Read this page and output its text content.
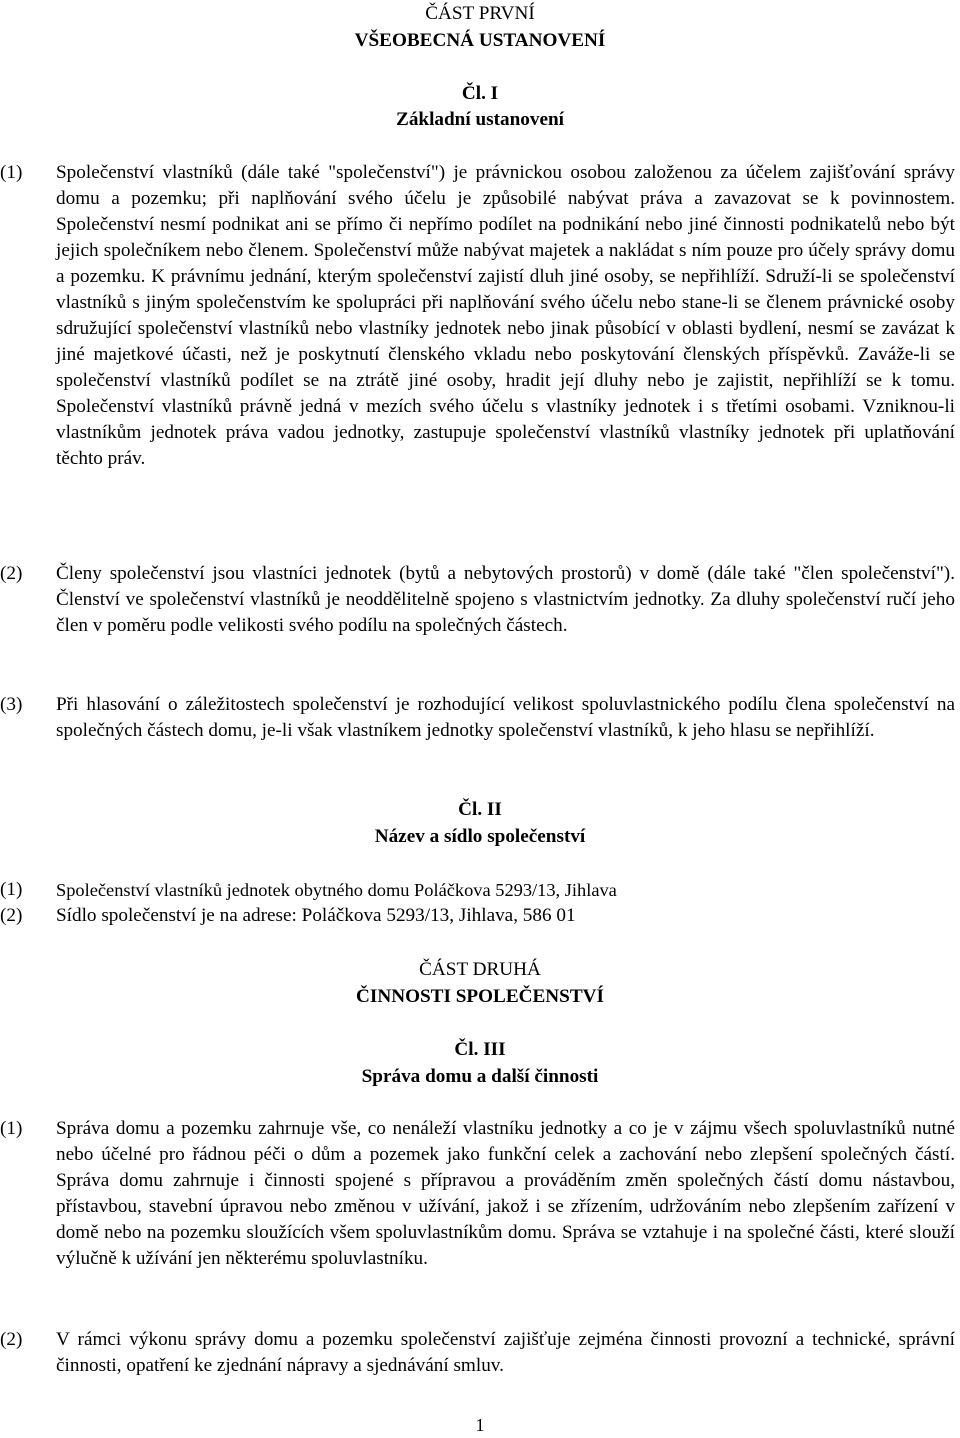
ČÁST PRVNÍ

VŠEOBECNÁ USTANOVENÍ

Čl. I

Základní ustanovení

(1)	Společenství vlastníků (dále také "společenství") je právnickou osobou založenou za účelem zajišťování správy domu a pozemku; při naplňování svého účelu je způsobilé nabývat práva a zavazovat se k povinnostem. Společenství nesmí podnikat ani se přímo či nepřímo podílet na podnikání nebo jiné činnosti podnikatelů nebo být jejich společníkem nebo členem. Společenství může nabývat majetek a nakládat s ním pouze pro účely správy domu a pozemku. K právnímu jednání, kterým společenství zajistí dluh jiné osoby, se nepřihlíží. Sdruží-li se společenství vlastníků s jiným společenstvím ke spolupráci při naplňování svého účelu nebo stane-li se členem právnické osoby sdružující společenství vlastníků nebo vlastníky jednotek nebo jinak působící v oblasti bydlení, nesmí se zavázat k jiné majetkové účasti, než je poskytnutí členského vkladu nebo poskytování členských příspěvků. Zaváže-li se společenství vlastníků podílet se na ztrátě jiné osoby, hradit její dluhy nebo je zajistit, nepřihlíží se k tomu. Společenství vlastníků právně jedná v mezích svého účelu s vlastníky jednotek i s třetími osobami. Vzniknou-li vlastníkům jednotek práva vadou jednotky, zastupuje společenství vlastníků vlastníky jednotek při uplatňování těchto práv.

(2)	Členy společenství jsou vlastníci jednotek (bytů a nebytových prostorů) v domě (dále také "člen společenství"). Členství ve společenství vlastníků je neoddělitelně spojeno s vlastnictvím jednotky. Za dluhy společenství ručí jeho člen v poměru podle velikosti svého podílu na společných částech.

(3)	Při hlasování o záležitostech společenství je rozhodující velikost spoluvlastnického podílu člena společenství na společných částech domu, je-li však vlastníkem jednotky společenství vlastníků, k jeho hlasu se nepřihlíží.

Čl. II

Název a sídlo společenství

(1)	Společenství vlastníků jednotek obytného domu Poláčkova 5293/13, Jihlava

(2)	Sídlo společenství je na adrese: Poláčkova 5293/13, Jihlava, 586 01

ČÁST DRUHÁ

ČINNOSTI SPOLEČENSTVÍ

Čl. III

Správa domu a další činnosti

(1)	Správa domu a pozemku zahrnuje vše, co nenáleží vlastníku jednotky a co je v zájmu všech spoluvlastníků nutné nebo účelné pro řádnou péči o dům a pozemek jako funkční celek a zachování nebo zlepšení společných částí. Správa domu zahrnuje i činnosti spojené s přípravou a prováděním změn společných částí domu nástavbou, přístavbou, stavební úpravou nebo změnou v užívání, jakož i se zřízením, udržováním nebo zlepšením zařízení v domě nebo na pozemku sloužících všem spoluvlastníkům domu. Správa se vztahuje i na společné části, které slouží výlučně k užívání jen některému spoluvlastníku.

(2)	V rámci výkonu správy domu a pozemku společenství zajišťuje zejména činnosti provozní a technické, správní činnosti, opatření ke zjednání nápravy a sjednávání smluv.

1
